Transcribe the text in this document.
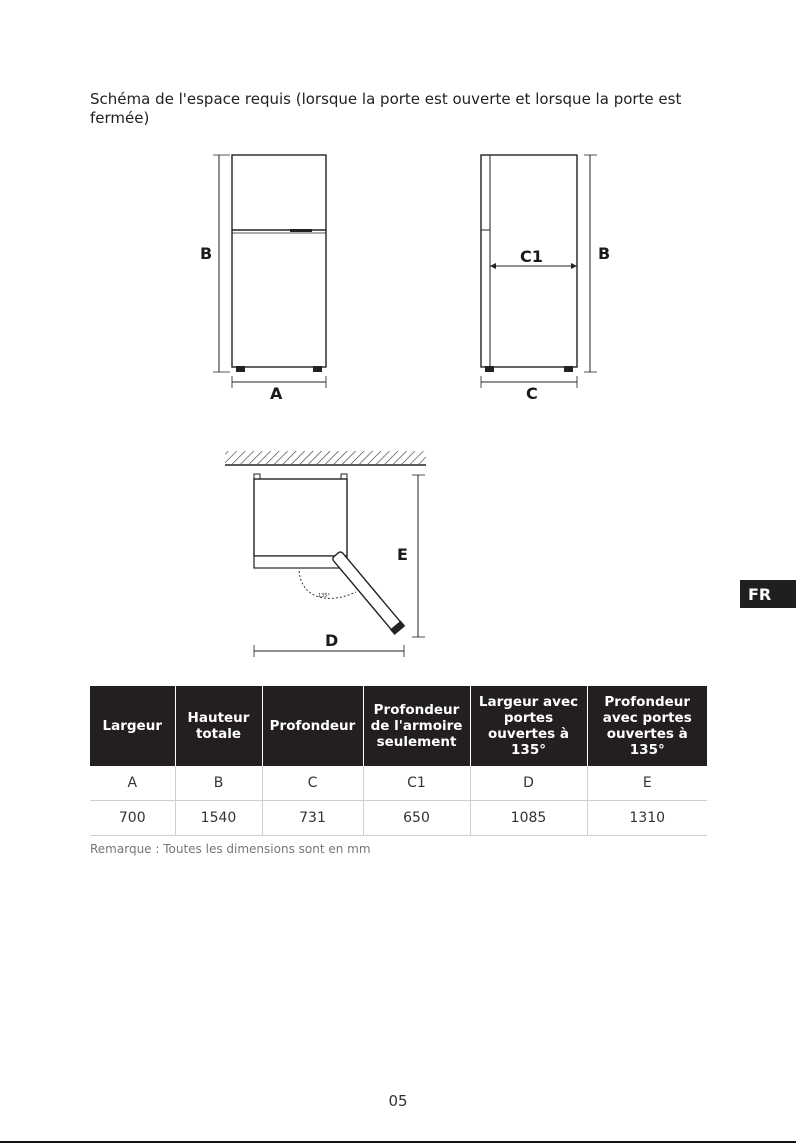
Schéma de l'espace requis (lorsque la porte est ouverte et lorsque la porte est fermée)

B
A
C1	B
C
135°
E
D
FR
Largeur	Hauteur totale	Profondeur	Profondeur de l'armoire seulement	Largeur avec portes ouvertes à 135°	Profondeur avec portes ouvertes à 135°
A	B	C	C1	D	E
700	1540	731	650	1085	1310
Remarque : Toutes les dimensions sont en mm
05
